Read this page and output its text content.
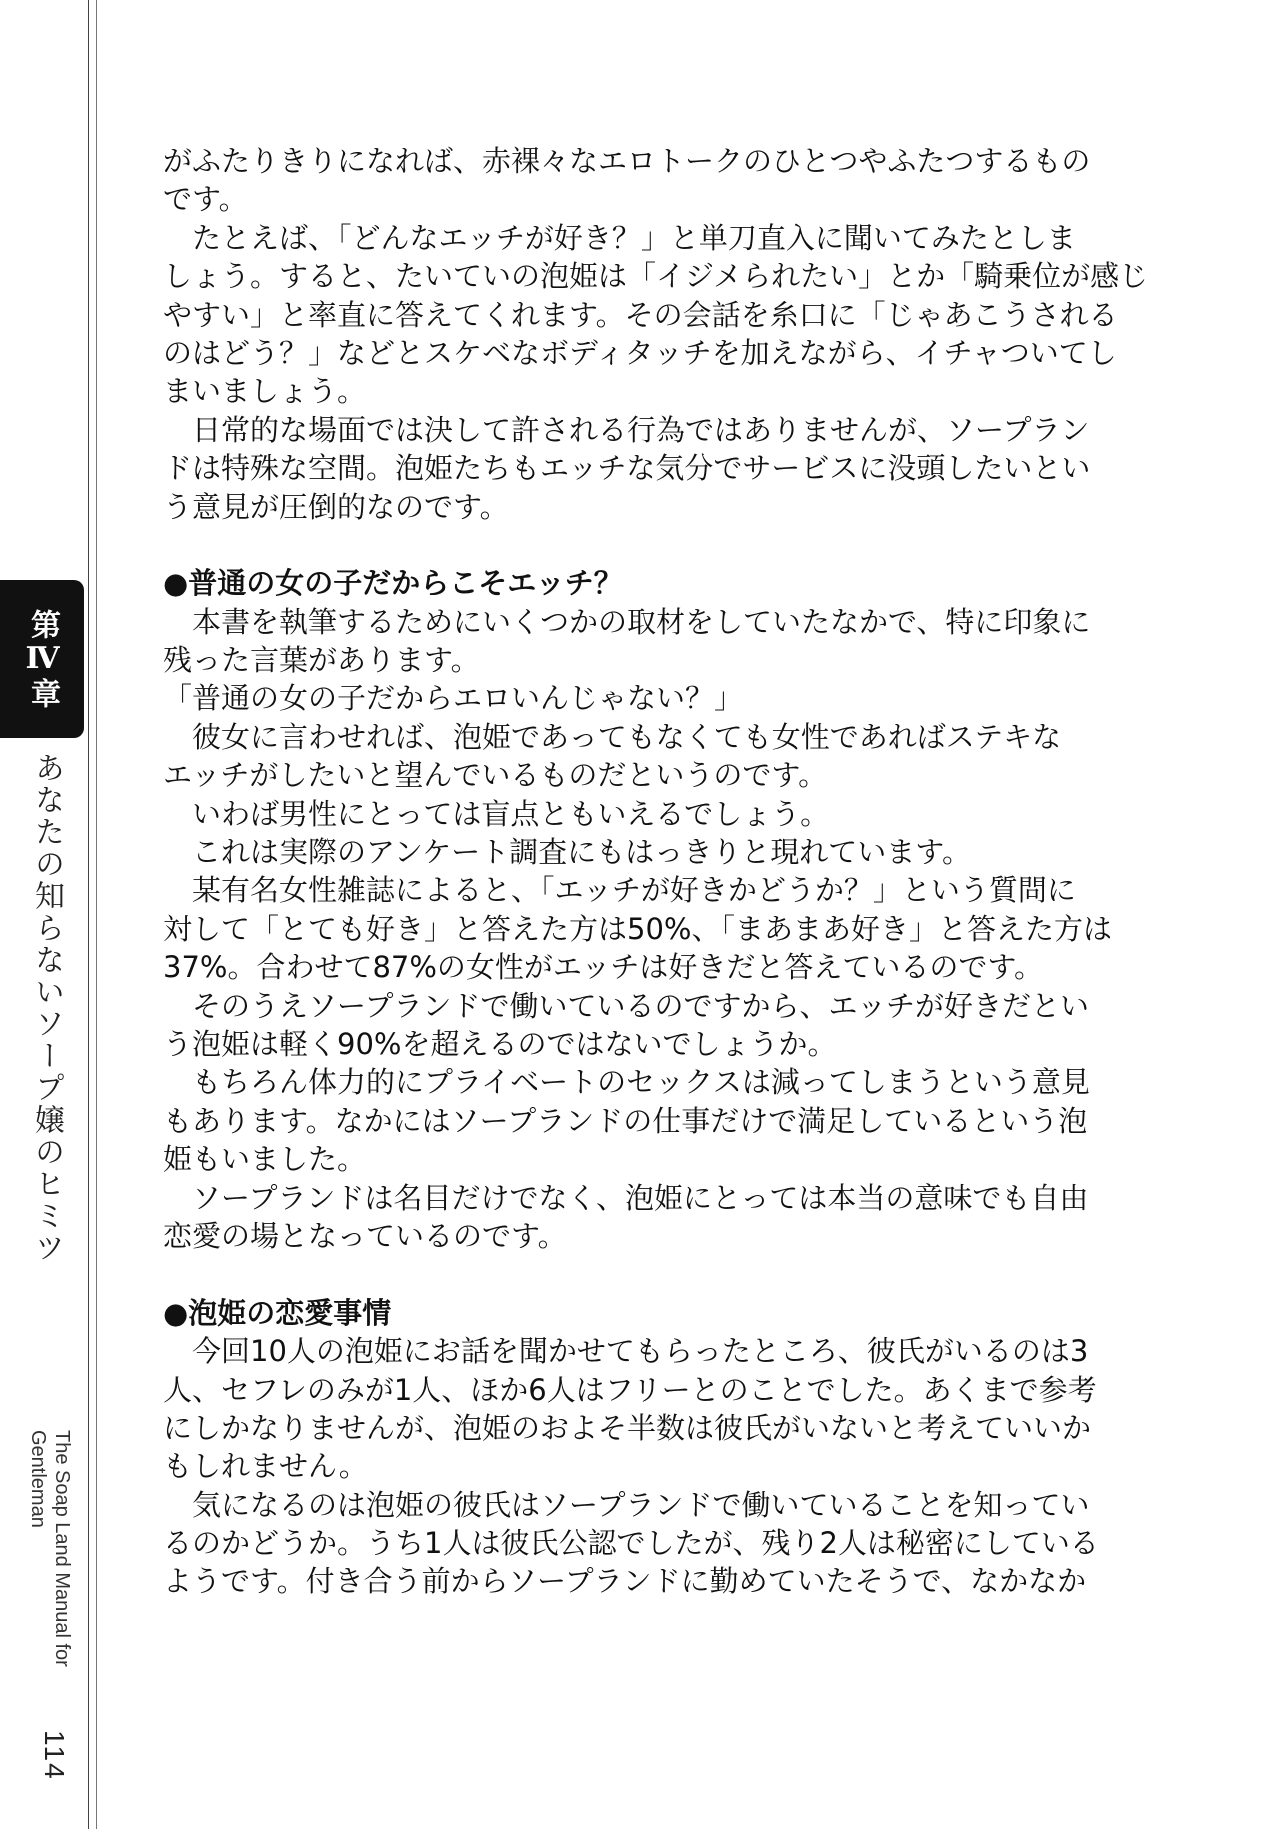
第Ⅳ章
あなたの知らないソープ嬢のヒミツ
The Soap Land Manual for Gentleman
114
がふたりきりになれば、赤裸々なエロトークのひとつやふたつするもの
です。
　たとえば、「どんなエッチが好き？」と単刀直入に聞いてみたとしま
しょう。すると、たいていの泡姫は「イジメられたい」とか「騎乗位が感じ
やすい」と率直に答えてくれます。その会話を糸口に「じゃあこうされる
のはどう？」などとスケベなボディタッチを加えながら、イチャついてし
まいましょう。
　日常的な場面では決して許される行為ではありませんが、ソープラン
ドは特殊な空間。泡姫たちもエッチな気分でサービスに没頭したいとい
う意見が圧倒的なのです。
●普通の女の子だからこそエッチ？
　本書を執筆するためにいくつかの取材をしていたなかで、特に印象に
残った言葉があります。
「普通の女の子だからエロいんじゃない？」
　彼女に言わせれば、泡姫であってもなくても女性であればステキな
エッチがしたいと望んでいるものだというのです。
　いわば男性にとっては盲点ともいえるでしょう。
　これは実際のアンケート調査にもはっきりと現れています。
　某有名女性雑誌によると、「エッチが好きかどうか？」という質問に
対して「とても好き」と答えた方は50%、「まあまあ好き」と答えた方は
37%。合わせて87%の女性がエッチは好きだと答えているのです。
　そのうえソープランドで働いているのですから、エッチが好きだとい
う泡姫は軽く90%を超えるのではないでしょうか。
　もちろん体力的にプライベートのセックスは減ってしまうという意見
もあります。なかにはソープランドの仕事だけで満足しているという泡
姫もいました。
　ソープランドは名目だけでなく、泡姫にとっては本当の意味でも自由
恋愛の場となっているのです。
●泡姫の恋愛事情
　今回10人の泡姫にお話を聞かせてもらったところ、彼氏がいるのは3
人、セフレのみが1人、ほか6人はフリーとのことでした。あくまで参考
にしかなりませんが、泡姫のおよそ半数は彼氏がいないと考えていいか
もしれません。
　気になるのは泡姫の彼氏はソープランドで働いていることを知ってい
るのかどうか。うち1人は彼氏公認でしたが、残り2人は秘密にしている
ようです。付き合う前からソープランドに勤めていたそうで、なかなか
